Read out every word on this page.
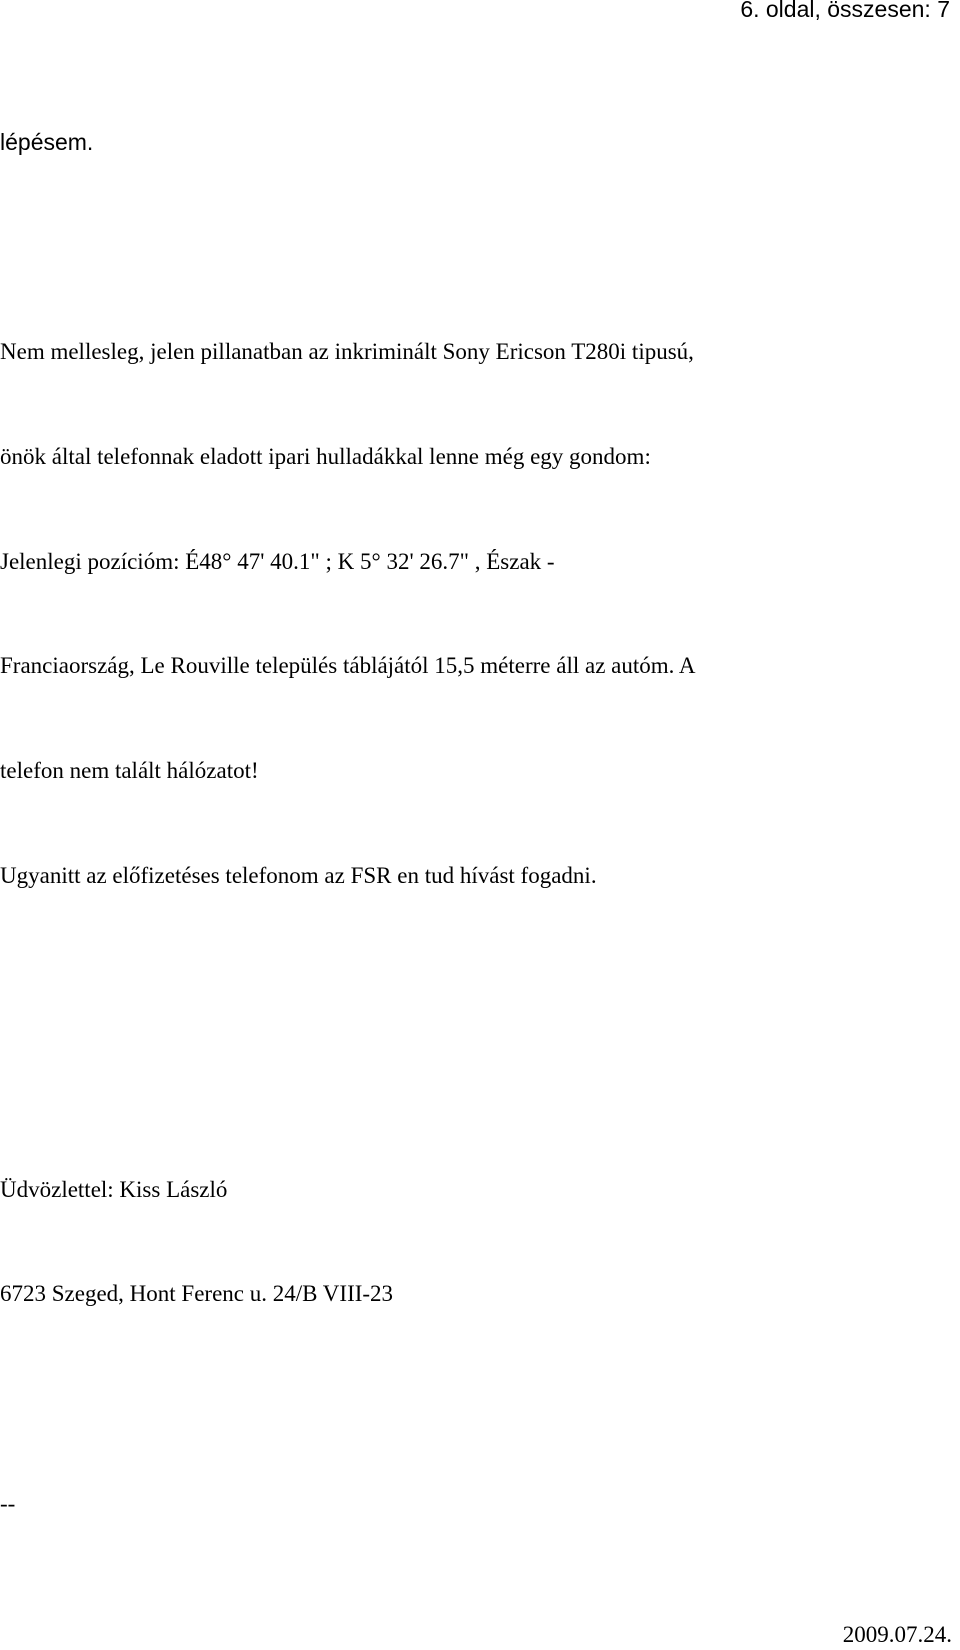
6. oldal, összesen: 7
lépésem.
Nem mellesleg, jelen pillanatban az inkriminált Sony Ericson T280i tipusú,
önök által telefonnak eladott ipari hulladákkal lenne még egy gondom:
Jelenlegi pozícióm: É48° 47' 40.1" ; K 5° 32' 26.7" , Észak -
Franciaország, Le Rouville település táblájától 15,5 méterre áll az autóm. A
telefon nem talált hálózatot!
Ugyanitt az előfizetéses telefonom az FSR en tud hívást fogadni.
Üdvözlettel: Kiss László
6723 Szeged, Hont Ferenc u. 24/B VIII-23
--
2009.07.24.
